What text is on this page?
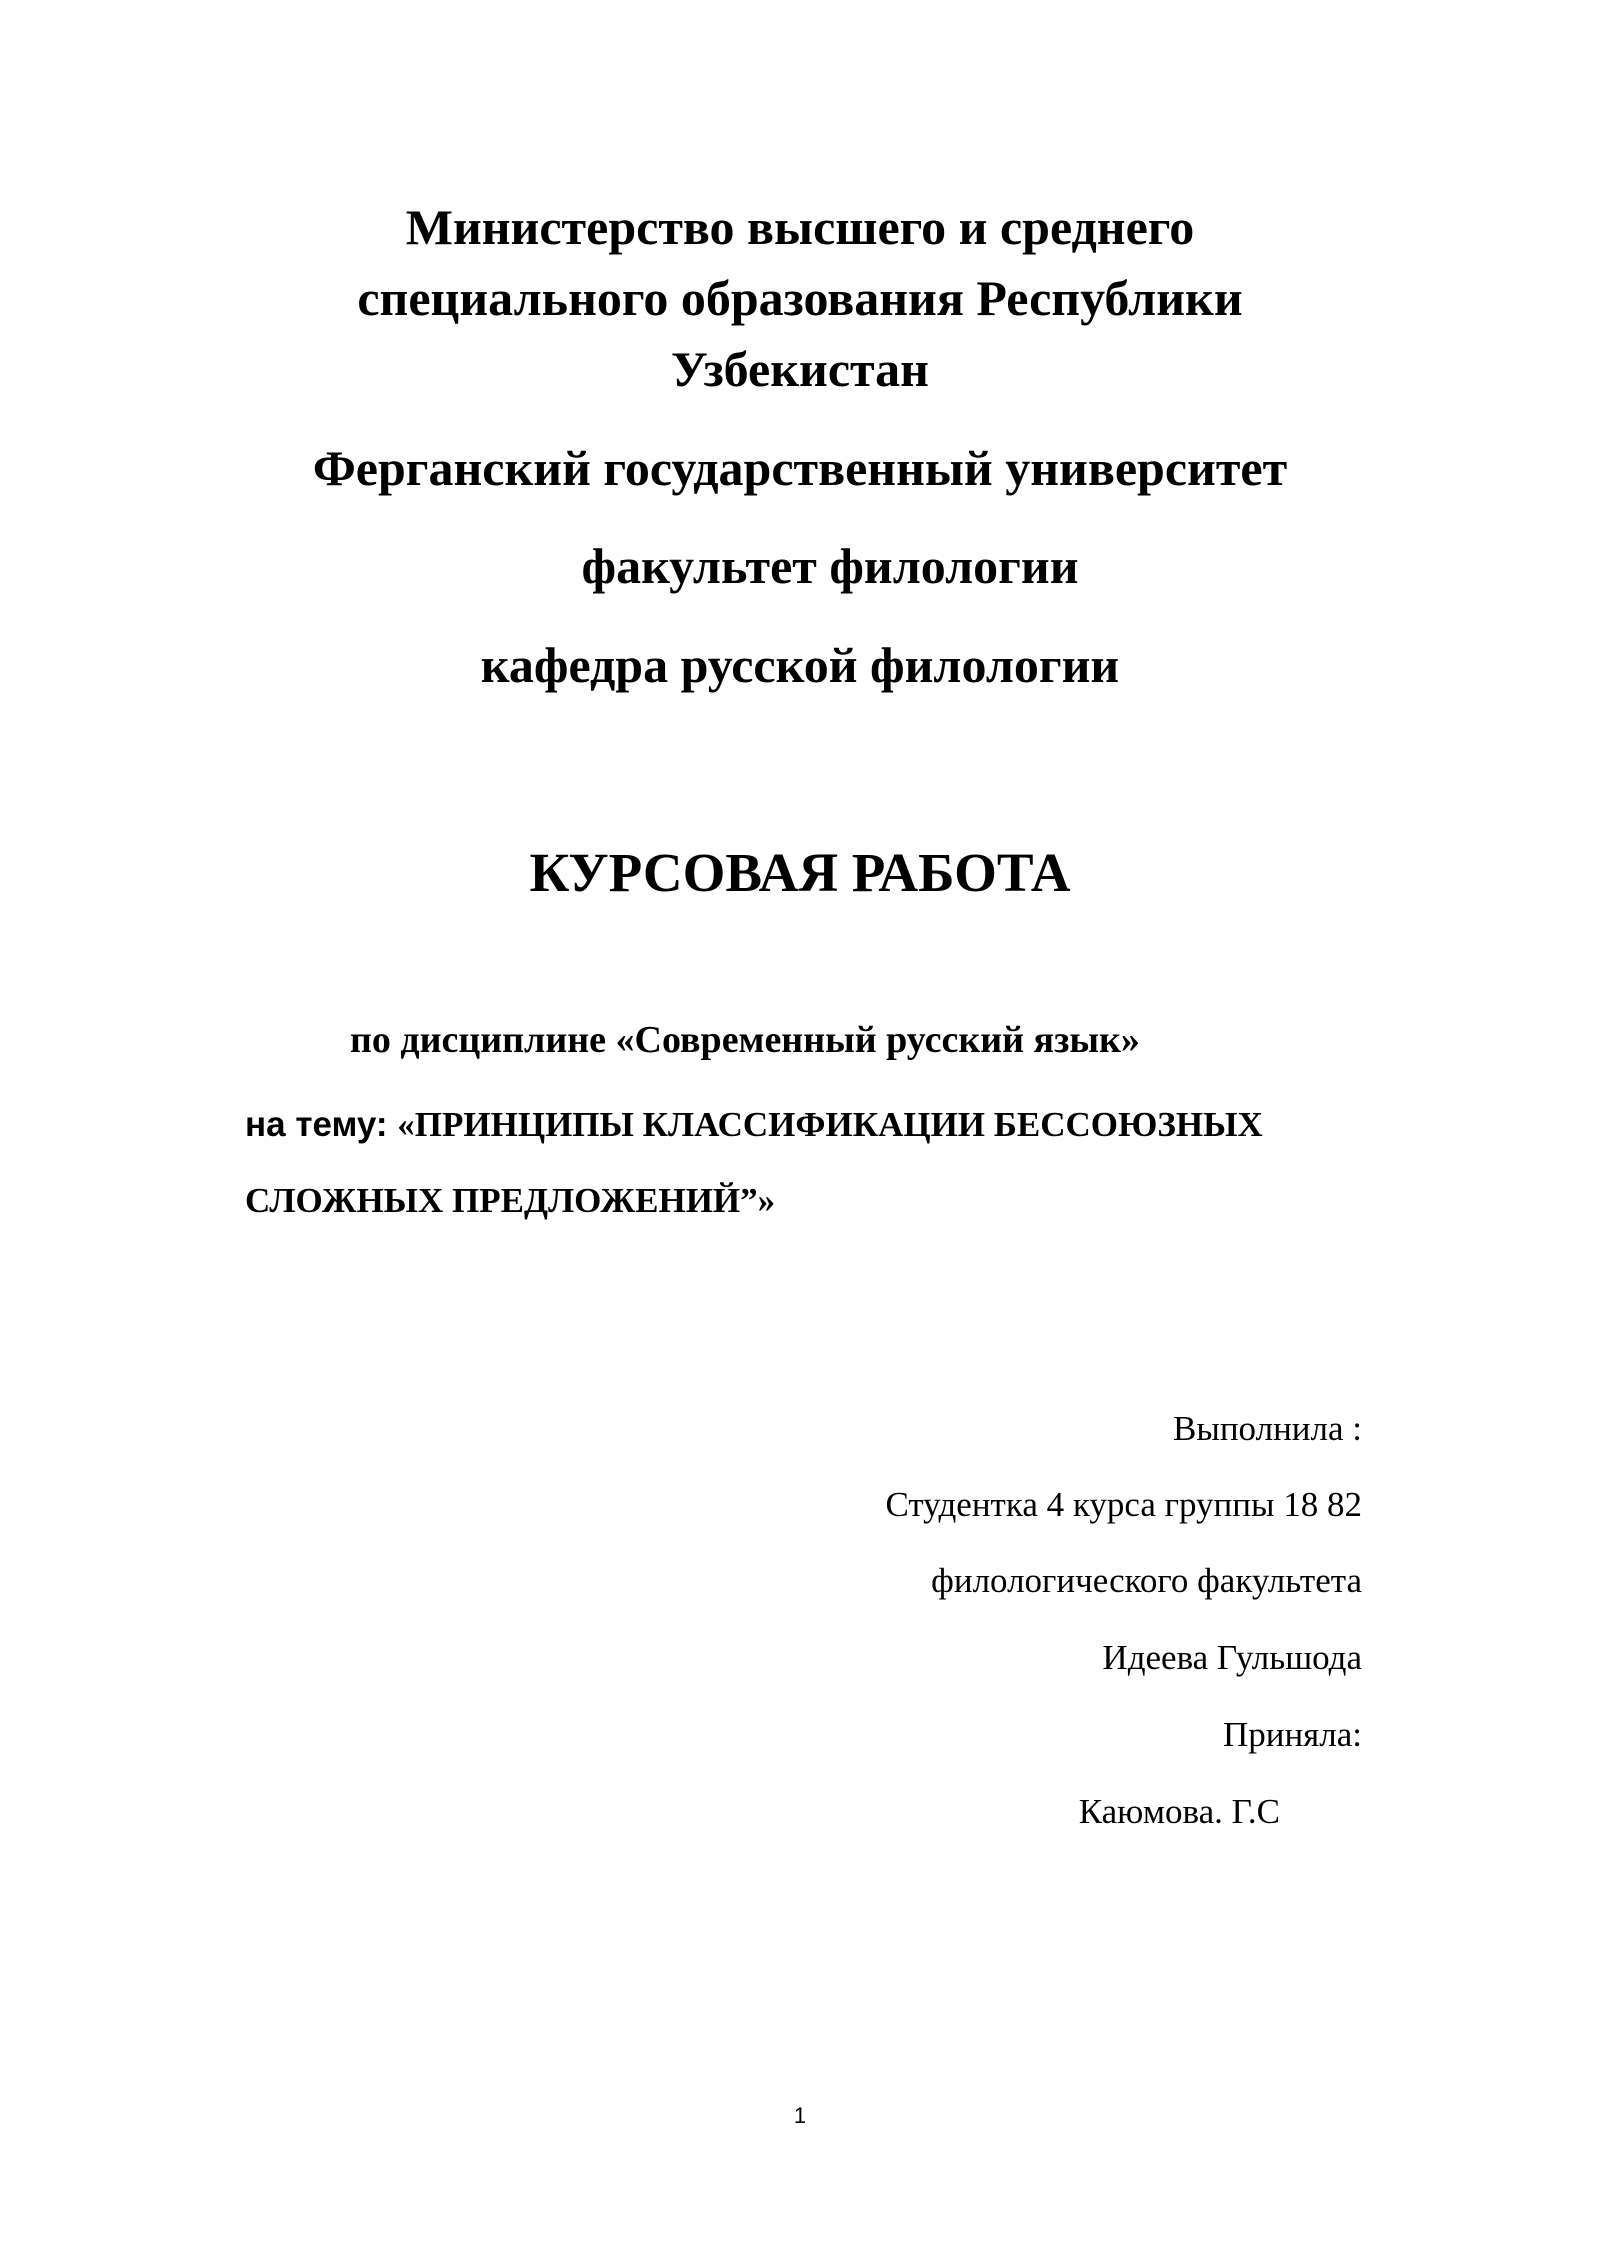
Министерство высшего и среднего
специального образования Республики
Узбекистан
Ферганский государственный университет
факультет филологии
кафедра русской филологии
КУРСОВАЯ РАБОТА
по дисциплине «Современный русский язык»
на тему: «ПРИНЦИПЫ КЛАССИФИКАЦИИ БЕССОЮЗНЫХ
СЛОЖНЫХ ПРЕДЛОЖЕНИЙ”»
Выполнила :
Студентка 4 курса группы 18 82
филологического факультета
Идеева Гульшода
Приняла:
Каюмова. Г.С
1
